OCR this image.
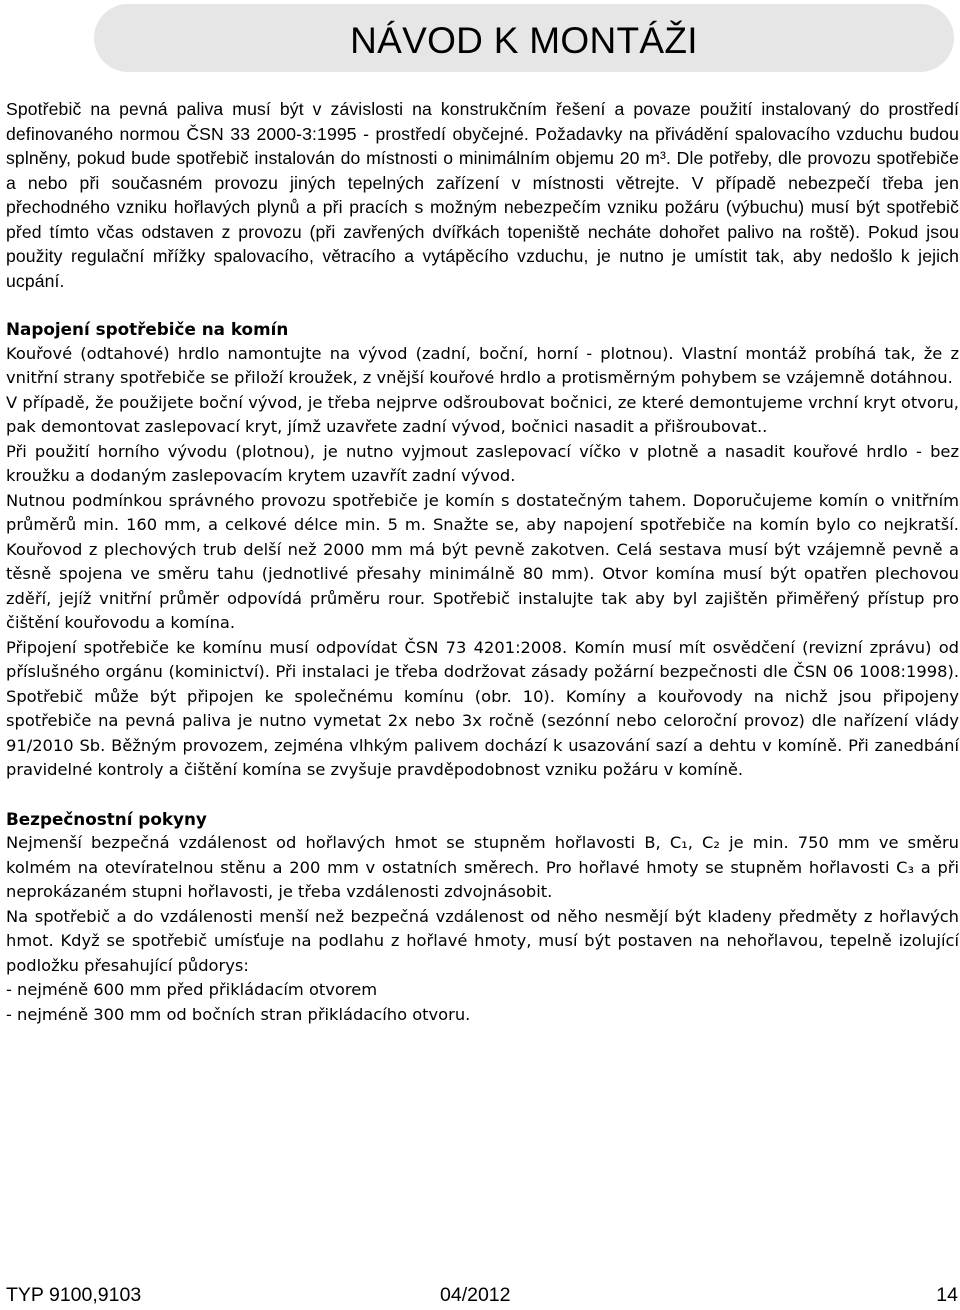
NÁVOD K MONTÁŽI

Spotřebič na pevná paliva musí být v závislosti na konstrukčním řešení a povaze použití instalovaný do prostředí definovaného normou ČSN 33 2000-3:1995 - prostředí obyčejné. Požadavky na přivádění spalovacího vzduchu budou splněny, pokud bude spotřebič instalován do místnosti o minimálním objemu 20 m³. Dle potřeby, dle provozu spotřebiče a nebo při současném provozu jiných tepelných zařízení v místnosti větrejte. V případě nebezpečí třeba jen přechodného vzniku hořlavých plynů a při pracích s možným nebezpečím vzniku požáru (výbuchu) musí být spotřebič před tímto včas odstaven z provozu (při zavřených dvířkách topeniště necháte dohořet palivo na roště). Pokud jsou použity regulační mřížky spalovacího, větracího a vytápěcího vzduchu, je nutno je umístit tak, aby nedošlo k jejich ucpání.

Napojení spotřebiče na komín

Kouřové (odtahové) hrdlo namontujte na vývod (zadní, boční, horní - plotnou). Vlastní montáž probíhá tak, že z vnitřní strany spotřebiče se přiloží kroužek, z vnější kouřové hrdlo a protisměrným pohybem se vzájemně dotáhnou.

V případě, že použijete boční vývod, je třeba nejprve odšroubovat bočnici, ze které demontujeme vrchní kryt otvoru, pak demontovat zaslepovací kryt, jímž uzavřete zadní vývod, bočnici nasadit a přišroubovat..

Při použití horního vývodu (plotnou), je nutno vyjmout zaslepovací víčko v plotně a nasadit kouřové hrdlo - bez kroužku a dodaným zaslepovacím krytem uzavřít zadní vývod.

Nutnou podmínkou správného provozu spotřebiče je komín s dostatečným tahem. Doporučujeme komín o vnitřním průměrů min. 160 mm, a celkové délce min. 5 m. Snažte se, aby napojení spotřebiče na komín bylo co nejkratší. Kouřovod z plechových trub delší než 2000 mm má být pevně zakotven. Celá sestava musí být vzájemně pevně a těsně spojena ve směru tahu (jednotlivé přesahy minimálně 80 mm). Otvor komína musí být opatřen plechovou zděří, jejíž vnitřní průměr odpovídá průměru rour. Spotřebič instalujte tak aby byl zajištěn přiměřený přístup pro čištění kouřovodu a komína.

Připojení spotřebiče ke komínu musí odpovídat ČSN 73 4201:2008. Komín musí mít osvědčení (revizní zprávu) od příslušného orgánu (kominictví). Při instalaci je třeba dodržovat zásady požární bezpečnosti dle ČSN 06 1008:1998). Spotřebič může být připojen ke společnému komínu (obr. 10). Komíny a kouřovody na nichž jsou připojeny spotřebiče na pevná paliva je nutno vymetat 2x nebo 3x ročně (sezónní nebo celoroční provoz) dle nařízení vlády 91/2010 Sb. Běžným provozem, zejména vlhkým palivem dochází k usazování sazí a dehtu v komíně. Při zanedbání pravidelné kontroly a čištění komína se zvyšuje pravděpodobnost vzniku požáru v komíně.

Bezpečnostní pokyny

Nejmenší bezpečná vzdálenost od hořlavých hmot se stupněm hořlavosti B, C₁, C₂ je min. 750 mm ve směru kolmém na otevíratelnou stěnu a 200 mm v ostatních směrech. Pro hořlavé hmoty se stupněm hořlavosti C₃ a při neprokázaném stupni hořlavosti, je třeba vzdálenosti zdvojnásobit.

Na spotřebič a do vzdálenosti menší než bezpečná vzdálenost od něho nesmějí být kladeny předměty z hořlavých hmot. Když se spotřebič umísťuje na podlahu z hořlavé hmoty, musí být postaven na nehořlavou, tepelně izolující podložku přesahující půdorys:

- nejméně 600 mm před přikládacím otvorem
- nejméně 300 mm od bočních stran přikládacího otvoru.
TYP 9100,9103	04/2012	14
